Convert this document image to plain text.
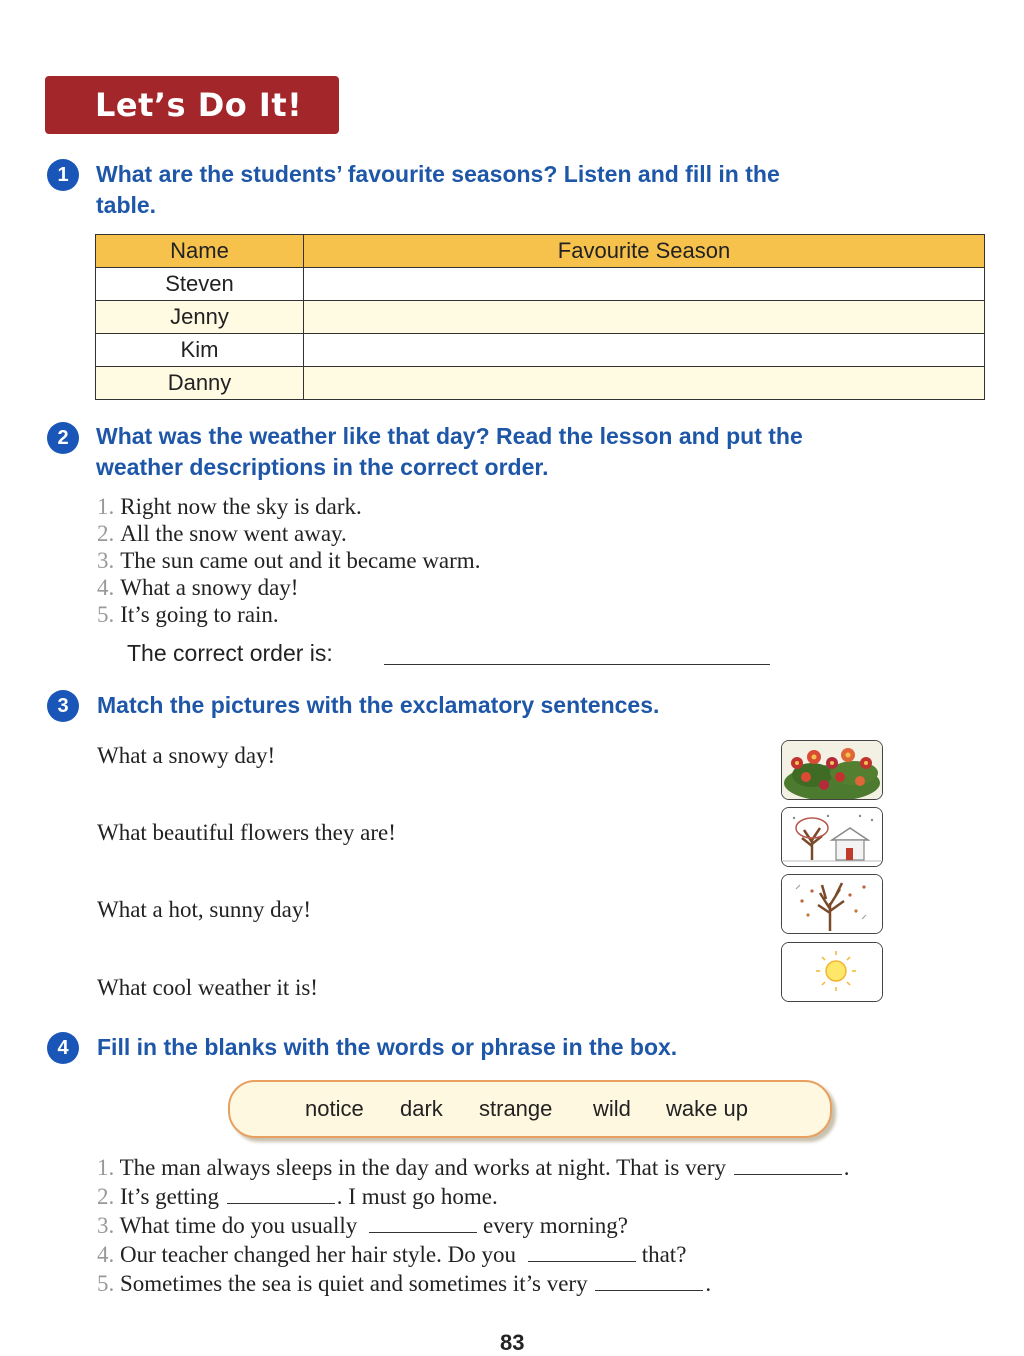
Let’s Do It!
1	What are the students’ favourite seasons? Listen and fill in the
table.
Name	Favourite Season
Steven	
Jenny	
Kim	
Danny	
2	What was the weather like that day? Read the lesson and put the
weather descriptions in the correct order.
1. Right now the sky is dark.
2. All the snow went away.
3. The sun came out and it became warm.
4. What a snowy day!
5. It’s going to rain.
The correct order is:
3	Match the pictures with the exclamatory sentences.
What a snowy day!
What beautiful flowers they are!
What a hot, sunny day!
What cool weather it is!
4	Fill in the blanks with the words or phrase in the box.
notice dark strange wild wake up
1. The man always sleeps in the day and works at night. That is very	.
2. It’s getting	. I must go home.
3. What time do you usually	every morning?
4. Our teacher changed her hair style. Do you	that?
5. Sometimes the sea is quiet and sometimes it’s very	.
83
